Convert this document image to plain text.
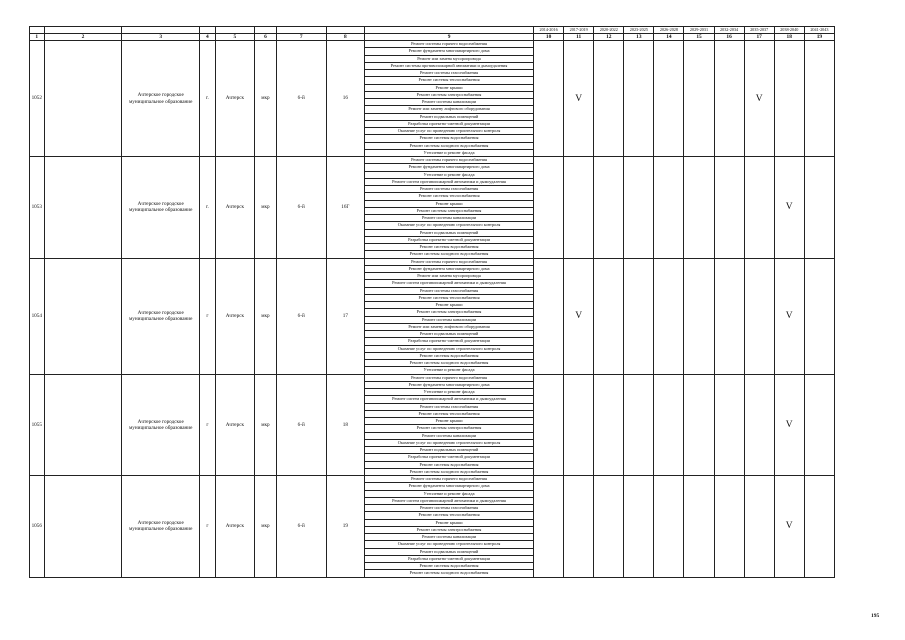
									2014-2016	2017-2019	2020-2022	2023-2025	2026-2028	2029-2031	2032-2034	2035-2037	2038-2040	2041-2043
1	2	3	4	5	6	7	8	9	10	11	12	13	14	15	16	17	18	19
1052		Ачтерское городское муниципальное образование	г.	Ачтерск	мкр	6-й	16	Ремонт системы горячего водоснабжения		V						V		
								Ремонт фундамента многоквартирного дома										
								Ремонт или замена мусоропровода										
								Ремонт системы противопожарной автоматики и дымоудаления										
								Ремонт системы газоснабжения										
								Ремонт системы теплоснабжения										
								Ремонт крыши										
								Ремонт системы электроснабжения										
								Ремонт системы канализации										
								Ремонт или замену лифтового оборудования										
								Ремонт подвальных помещений										
								Разработка проектно-сметной документации										
								Оказание услуг по проведению строительного контроля										
								Ремонт системы водоснабжения										
								Ремонт системы холодного водоснабжения										
								Утепление и ремонт фасада										
1053		Ачтерское городское муниципальное образование	г.	Ачтерск	мкр	6-й	16Г	Ремонт системы горячего водоснабжения									V	
								Ремонт фундамента многоквартирного дома										
								Утепление и ремонт фасада										
								Ремонт систем противопожарной автоматики и дымоудаления										
								Ремонт системы газоснабжения										
								Ремонт системы теплоснабжения										
								Ремонт крыши										
								Ремонт системы электроснабжения										
								Ремонт системы канализации										
								Оказание услуг по проведению строительного контроля										
								Ремонт подвальных помещений										
								Разработка проектно-сметной документации										
								Ремонт системы водоснабжения										
								Ремонт системы холодного водоснабжения										
1054		Ачтерское городское муниципальное образование	г	Ачтерск	мкр	6-й	17	Ремонт системы горячего водоснабжения		V							V	
								Ремонт фундамента многоквартирного дома										
								Ремонт или замена мусоропровода										
								Ремонт систем противопожарной автоматики и дымоудаления										
								Ремонт системы газоснабжения										
								Ремонт системы теплоснабжения										
								Ремонт крыши										
								Ремонт системы электроснабжения										
								Ремонт системы канализации										
								Ремонт или замену лифтового оборудования										
								Ремонт подвальных помещений										
								Разработка проектно-сметной документации										
								Оказание услуг по проведению строительного контроля										
								Ремонт системы водоснабжения										
								Ремонт системы холодного водоснабжения										
								Утепление и ремонт фасада										
1055		Ачтерское городское муниципальное образование	г	Ачтерск	мкр	6-й	18	Ремонт системы горячего водоснабжения									V	
								Ремонт фундамента многоквартирного дома										
								Утепление и ремонт фасада										
								Ремонт систем противопожарной автоматики и дымоудаления										
								Ремонт системы газоснабжения										
								Ремонт системы теплоснабжения										
								Ремонт крыши										
								Ремонт системы электроснабжения										
								Ремонт системы канализации										
								Оказание услуг по проведению строительного контроля										
								Ремонт подвальных помещений										
								Разработка проектно-сметной документации										
								Ремонт системы водоснабжения										
								Ремонт системы холодного водоснабжения										
1056		Ачтерское городское муниципальное образование	г	Ачтерск	мкр	6-й	19	Ремонт системы горячего водоснабжения									V	
								Ремонт фундамента многоквартирного дома										
								Утепление и ремонт фасада										
								Ремонт систем противопожарной автоматики и дымоудаления										
								Ремонт системы газоснабжения										
								Ремонт системы теплоснабжения										
								Ремонт крыши										
								Ремонт системы электроснабжения										
								Ремонт системы канализации										
								Оказание услуг по проведению строительного контроля										
								Ремонт подвальных помещений										
								Разработка проектно-сметной документации										
								Ремонт системы водоснабжения										
								Ремонт системы холодного водоснабжения										
195
